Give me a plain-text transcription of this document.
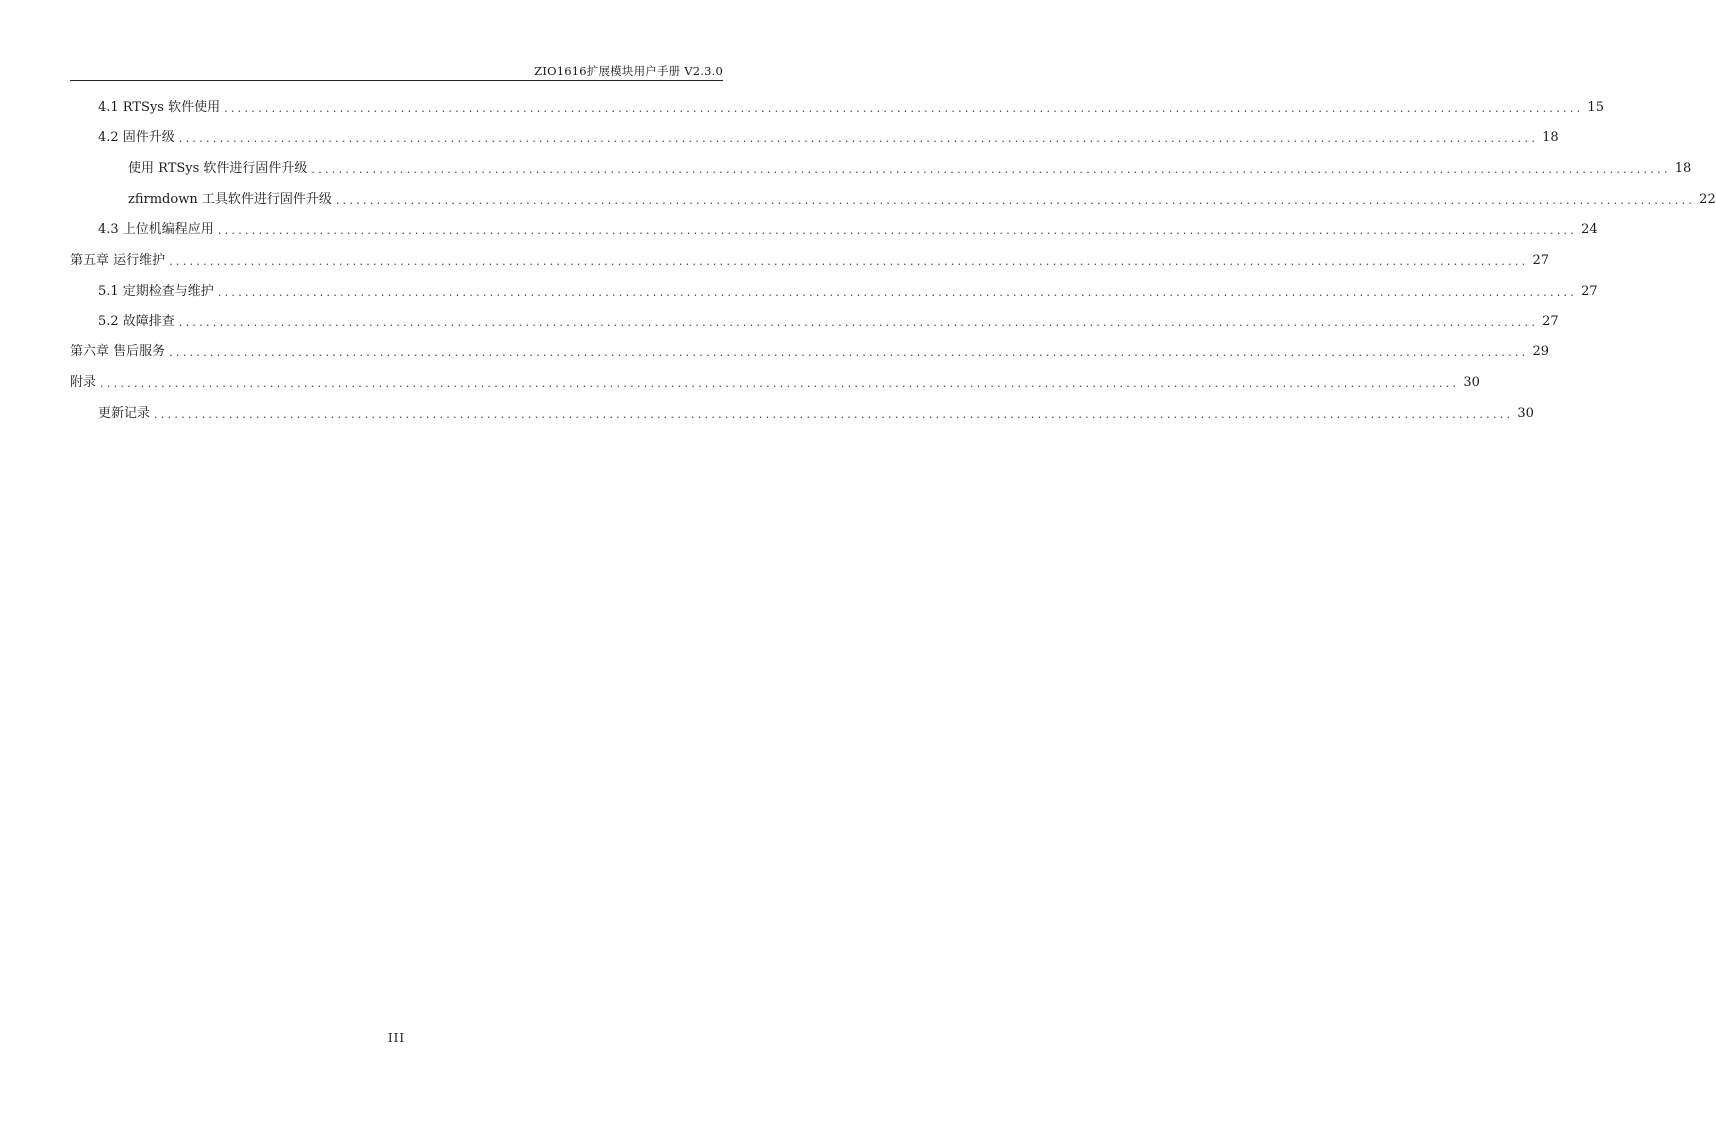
ZIO1616扩展模块用户手册 V2.3.0
4.1 RTSys 软件使用 ........................................................................................................................................................................................................ 15
4.2 固件升级 ........................................................................................................................................................................................................ 18
使用 RTSys 软件进行固件升级 ........................................................................................................................................................................................................ 18
zfirmdown 工具软件进行固件升级 ........................................................................................................................................................................................................ 22
4.3 上位机编程应用 ........................................................................................................................................................................................................ 24
第五章 运行维护 ........................................................................................................................................................................................................ 27
5.1 定期检查与维护 ........................................................................................................................................................................................................ 27
5.2 故障排查 ........................................................................................................................................................................................................ 27
第六章 售后服务 ........................................................................................................................................................................................................ 29
附录 ........................................................................................................................................................................................................ 30
更新记录 ........................................................................................................................................................................................................ 30
III
